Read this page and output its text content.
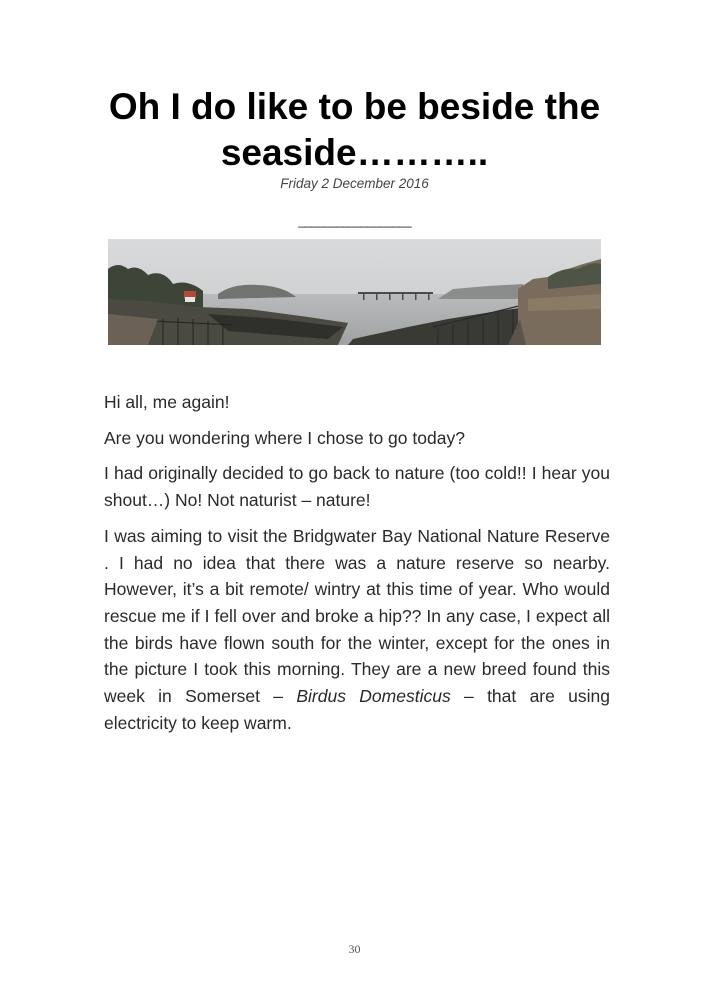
Oh I do like to be beside the seaside………..
Friday 2 December 2016
__________________

Hi all, me again!

Are you wondering where I chose to go today?

I had originally decided to go back to nature (too cold!! I hear you shout…) No! Not naturist – nature!

I was aiming to visit the Bridgwater Bay National Nature Reserve . I had no idea that there was a nature reserve so nearby. However, it’s a bit remote/ wintry at this time of year. Who would rescue me if I fell over and broke a hip?? In any case, I expect all the birds have flown south for the winter, except for the ones in the picture I took this morning. They are a new breed found this week in Somerset – Birdus Domesticus – that are using electricity to keep warm.

30
